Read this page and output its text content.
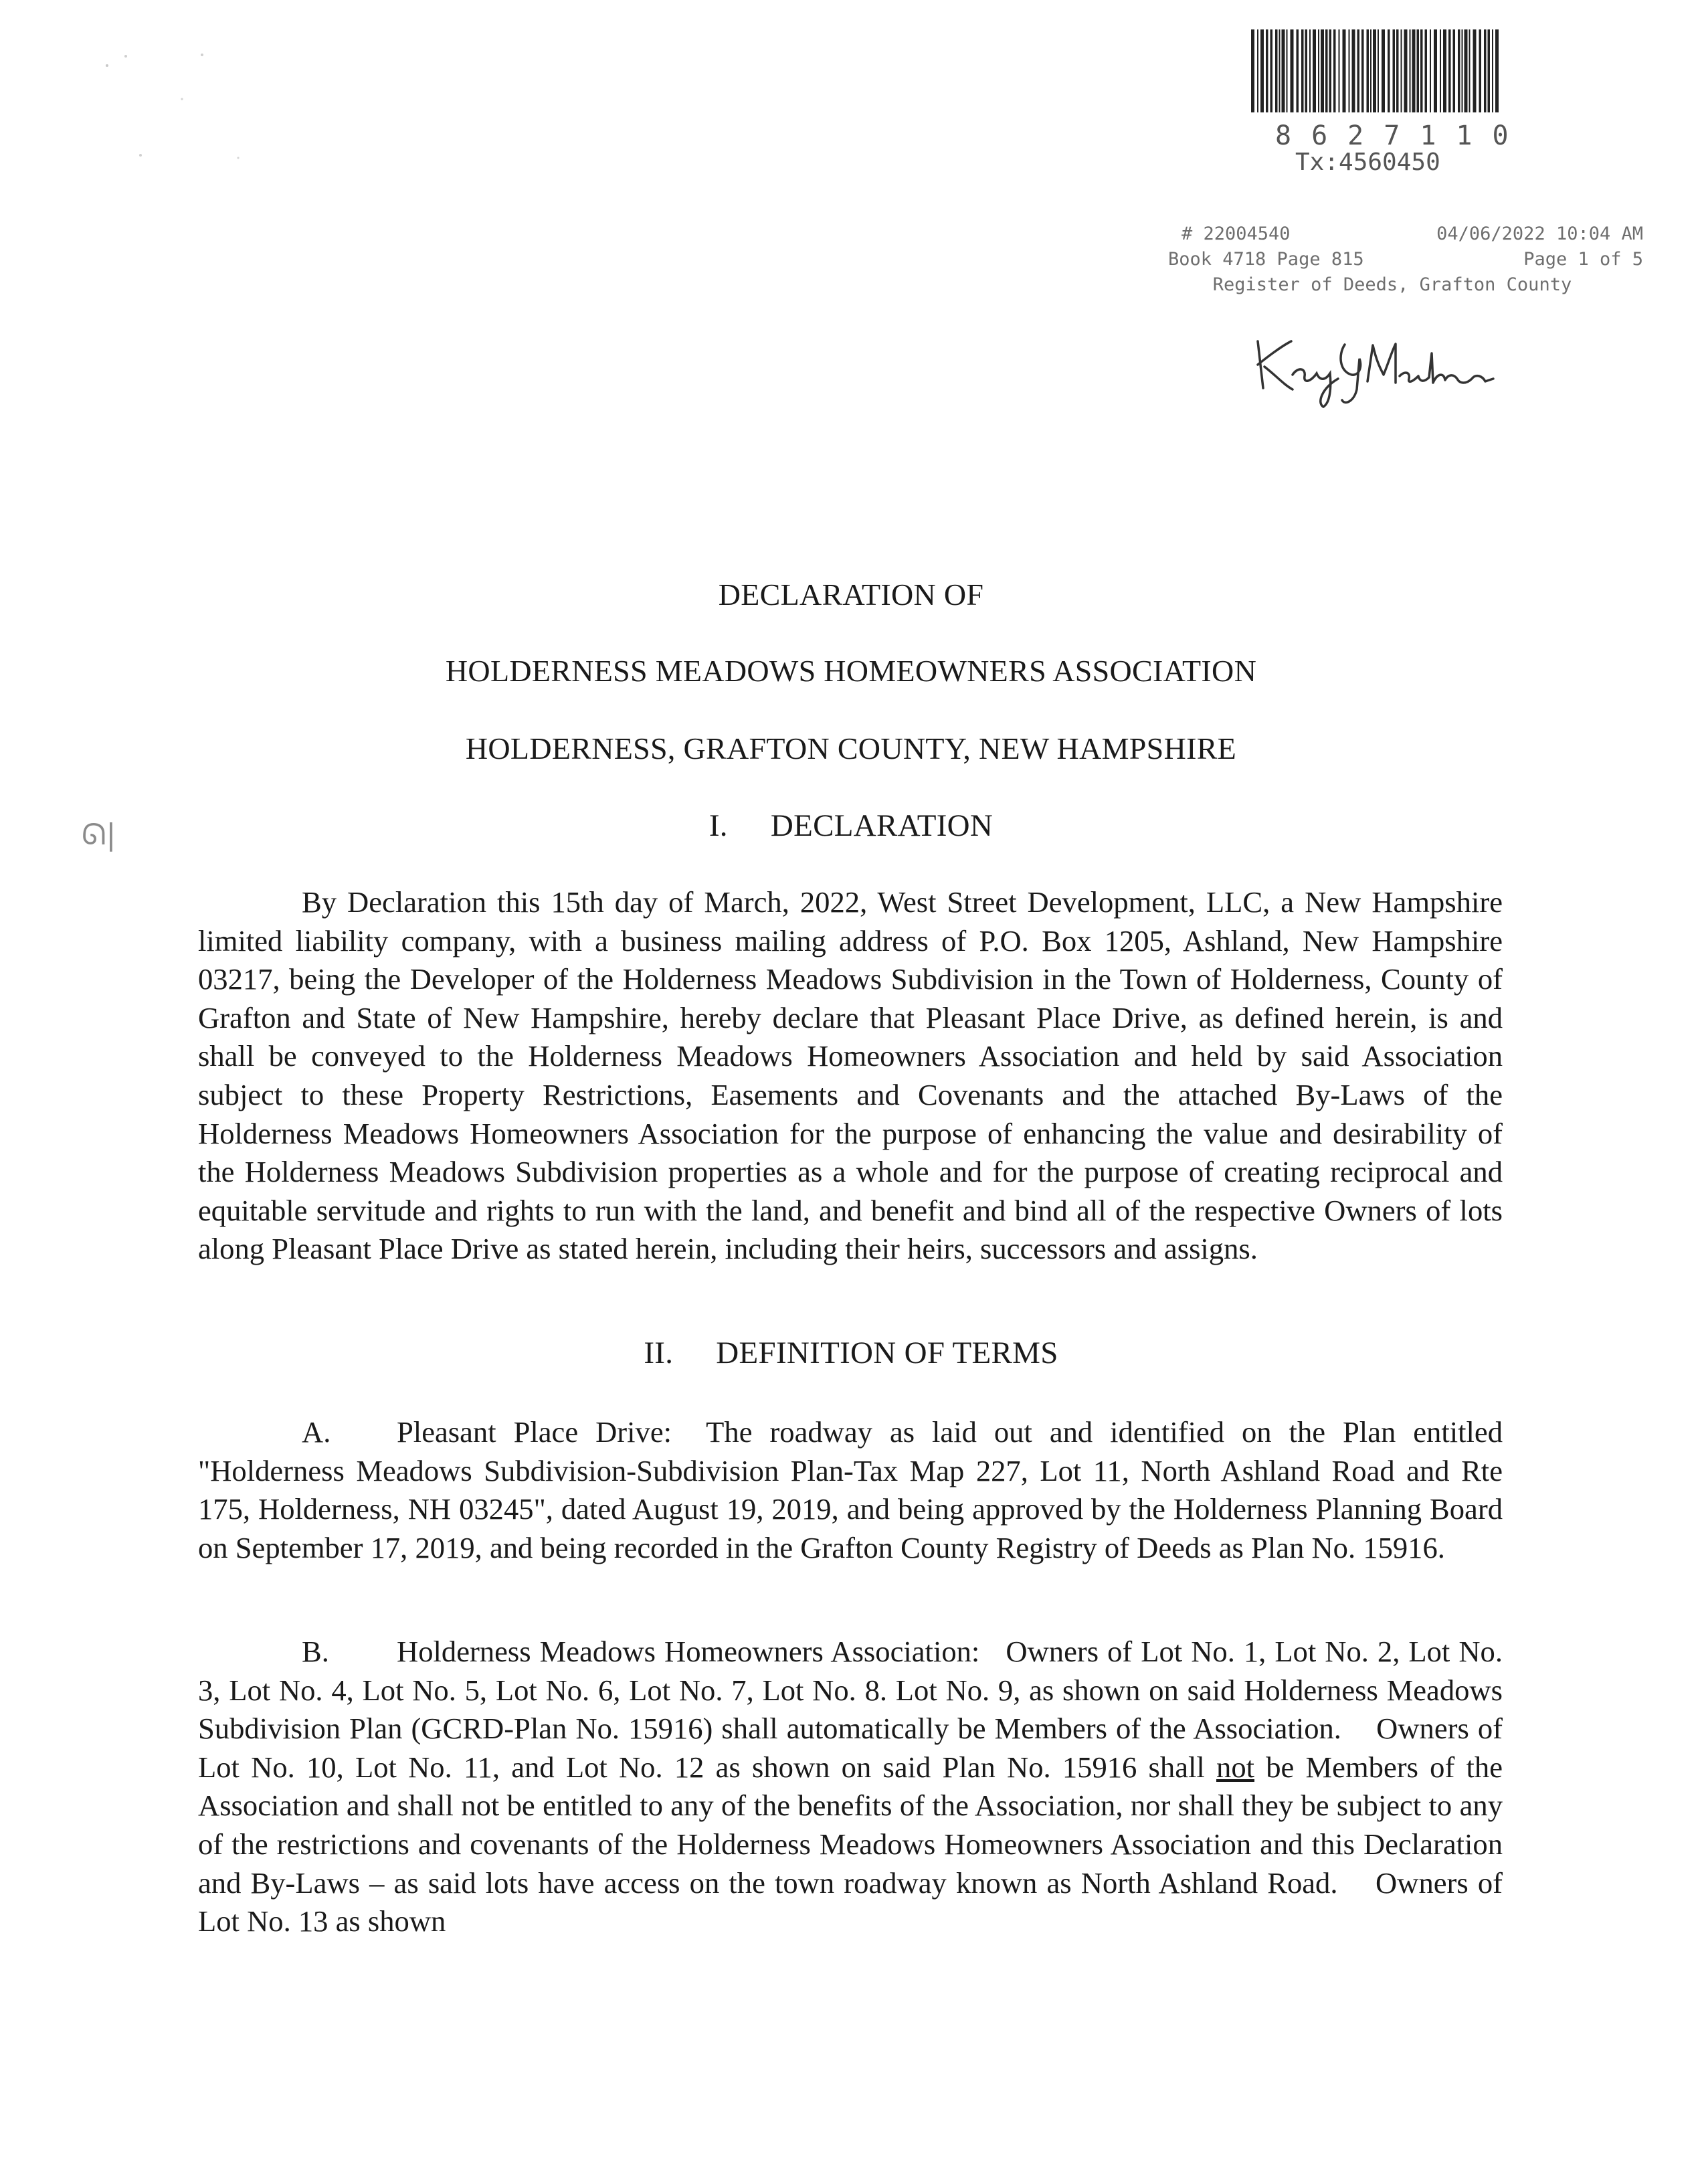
8627110
Tx:4560450
# 22004540	04/06/2022 10:04 AM
Book 4718 Page 815	Page 1 of 5
Register of Deeds, Grafton County
ᘏ|
DECLARATION OF
HOLDERNESS MEADOWS HOMEOWNERS ASSOCIATION
HOLDERNESS, GRAFTON COUNTY, NEW HAMPSHIRE
I. DECLARATION

By Declaration this 15th day of March, 2022, West Street Development, LLC, a New Hampshire limited liability company, with a business mailing address of P.O. Box 1205, Ashland, New Hampshire 03217, being the Developer of the Holderness Meadows Subdivision in the Town of Holderness, County of Grafton and State of New Hampshire, hereby declare that Pleasant Place Drive, as defined herein, is and shall be conveyed to the Holderness Meadows Homeowners Association and held by said Association subject to these Property Restrictions, Easements and Covenants and the attached By-Laws of the Holderness Meadows Homeowners Association for the purpose of enhancing the value and desirability of the Holderness Meadows Subdivision properties as a whole and for the purpose of creating reciprocal and equitable servitude and rights to run with the land, and benefit and bind all of the respective Owners of lots along Pleasant Place Drive as stated herein, including their heirs, successors and assigns.

II. DEFINITION OF TERMS

A. Pleasant Place Drive: The roadway as laid out and identified on the Plan entitled "Holderness Meadows Subdivision-Subdivision Plan-Tax Map 227, Lot 11, North Ashland Road and Rte 175, Holderness, NH 03245", dated August 19, 2019, and being approved by the Holderness Planning Board on September 17, 2019, and being recorded in the Grafton County Registry of Deeds as Plan No. 15916.

B. Holderness Meadows Homeowners Association: Owners of Lot No. 1, Lot No. 2, Lot No. 3, Lot No. 4, Lot No. 5, Lot No. 6, Lot No. 7, Lot No. 8. Lot No. 9, as shown on said Holderness Meadows Subdivision Plan (GCRD-Plan No. 15916) shall automatically be Members of the Association. Owners of Lot No. 10, Lot No. 11, and Lot No. 12 as shown on said Plan No. 15916 shall not be Members of the Association and shall not be entitled to any of the benefits of the Association, nor shall they be subject to any of the restrictions and covenants of the Holderness Meadows Homeowners Association and this Declaration and By-Laws – as said lots have access on the town roadway known as North Ashland Road. Owners of Lot No. 13 as shown
